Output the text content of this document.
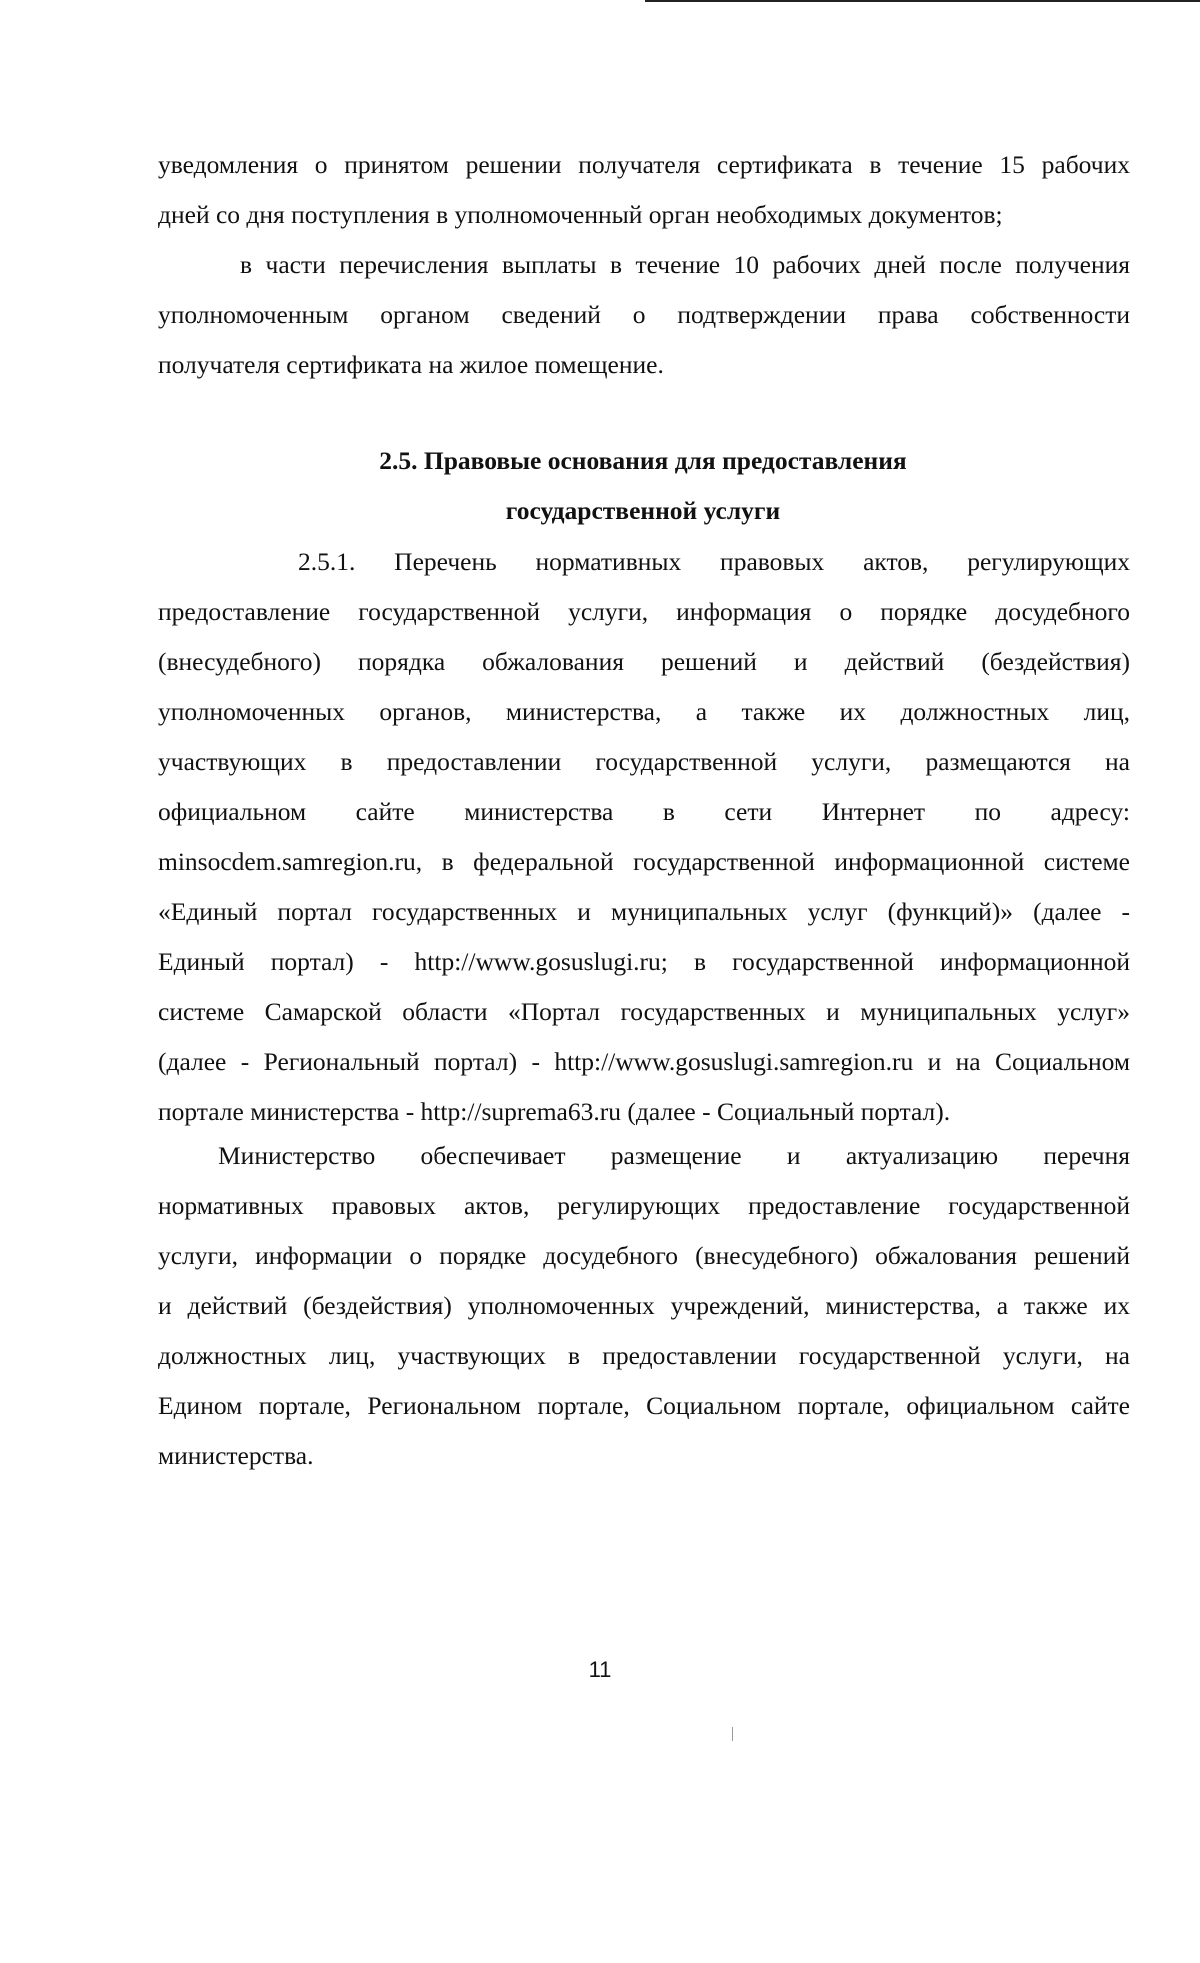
уведомления о принятом решении получателя сертификата в течение 15 рабочих
дней со дня поступления в уполномоченный орган необходимых документов;
в части перечисления выплаты в течение 10 рабочих дней после получения
уполномоченным органом сведений о подтверждении права собственности
получателя сертификата на жилое помещение.
2.5. Правовые основания для предоставления
государственной услуги
2.5.1. Перечень нормативных правовых актов, регулирующих
предоставление государственной услуги, информация о порядке досудебного
(внесудебного) порядка обжалования решений и действий (бездействия)
уполномоченных органов, министерства, а также их должностных лиц,
участвующих в предоставлении государственной услуги, размещаются на
официальном сайте министерства в сети Интернет по адресу:
minsocdem.samregion.ru, в федеральной государственной информационной системе
«Единый портал государственных и муниципальных услуг (функций)» (далее -
Единый портал) - http://www.gosuslugi.ru; в государственной информационной
системе Самарской области «Портал государственных и муниципальных услуг»
(далее - Региональный портал) - http://www.gosuslugi.samregion.ru и на Социальном
портале министерства - http://suprema63.ru (далее - Социальный портал).
Министерство обеспечивает размещение и актуализацию перечня
нормативных правовых актов, регулирующих предоставление государственной
услуги, информации о порядке досудебного (внесудебного) обжалования решений
и действий (бездействия) уполномоченных учреждений, министерства, а также их
должностных лиц, участвующих в предоставлении государственной услуги, на
Едином портале, Региональном портале, Социальном портале, официальном сайте
министерства.
11
